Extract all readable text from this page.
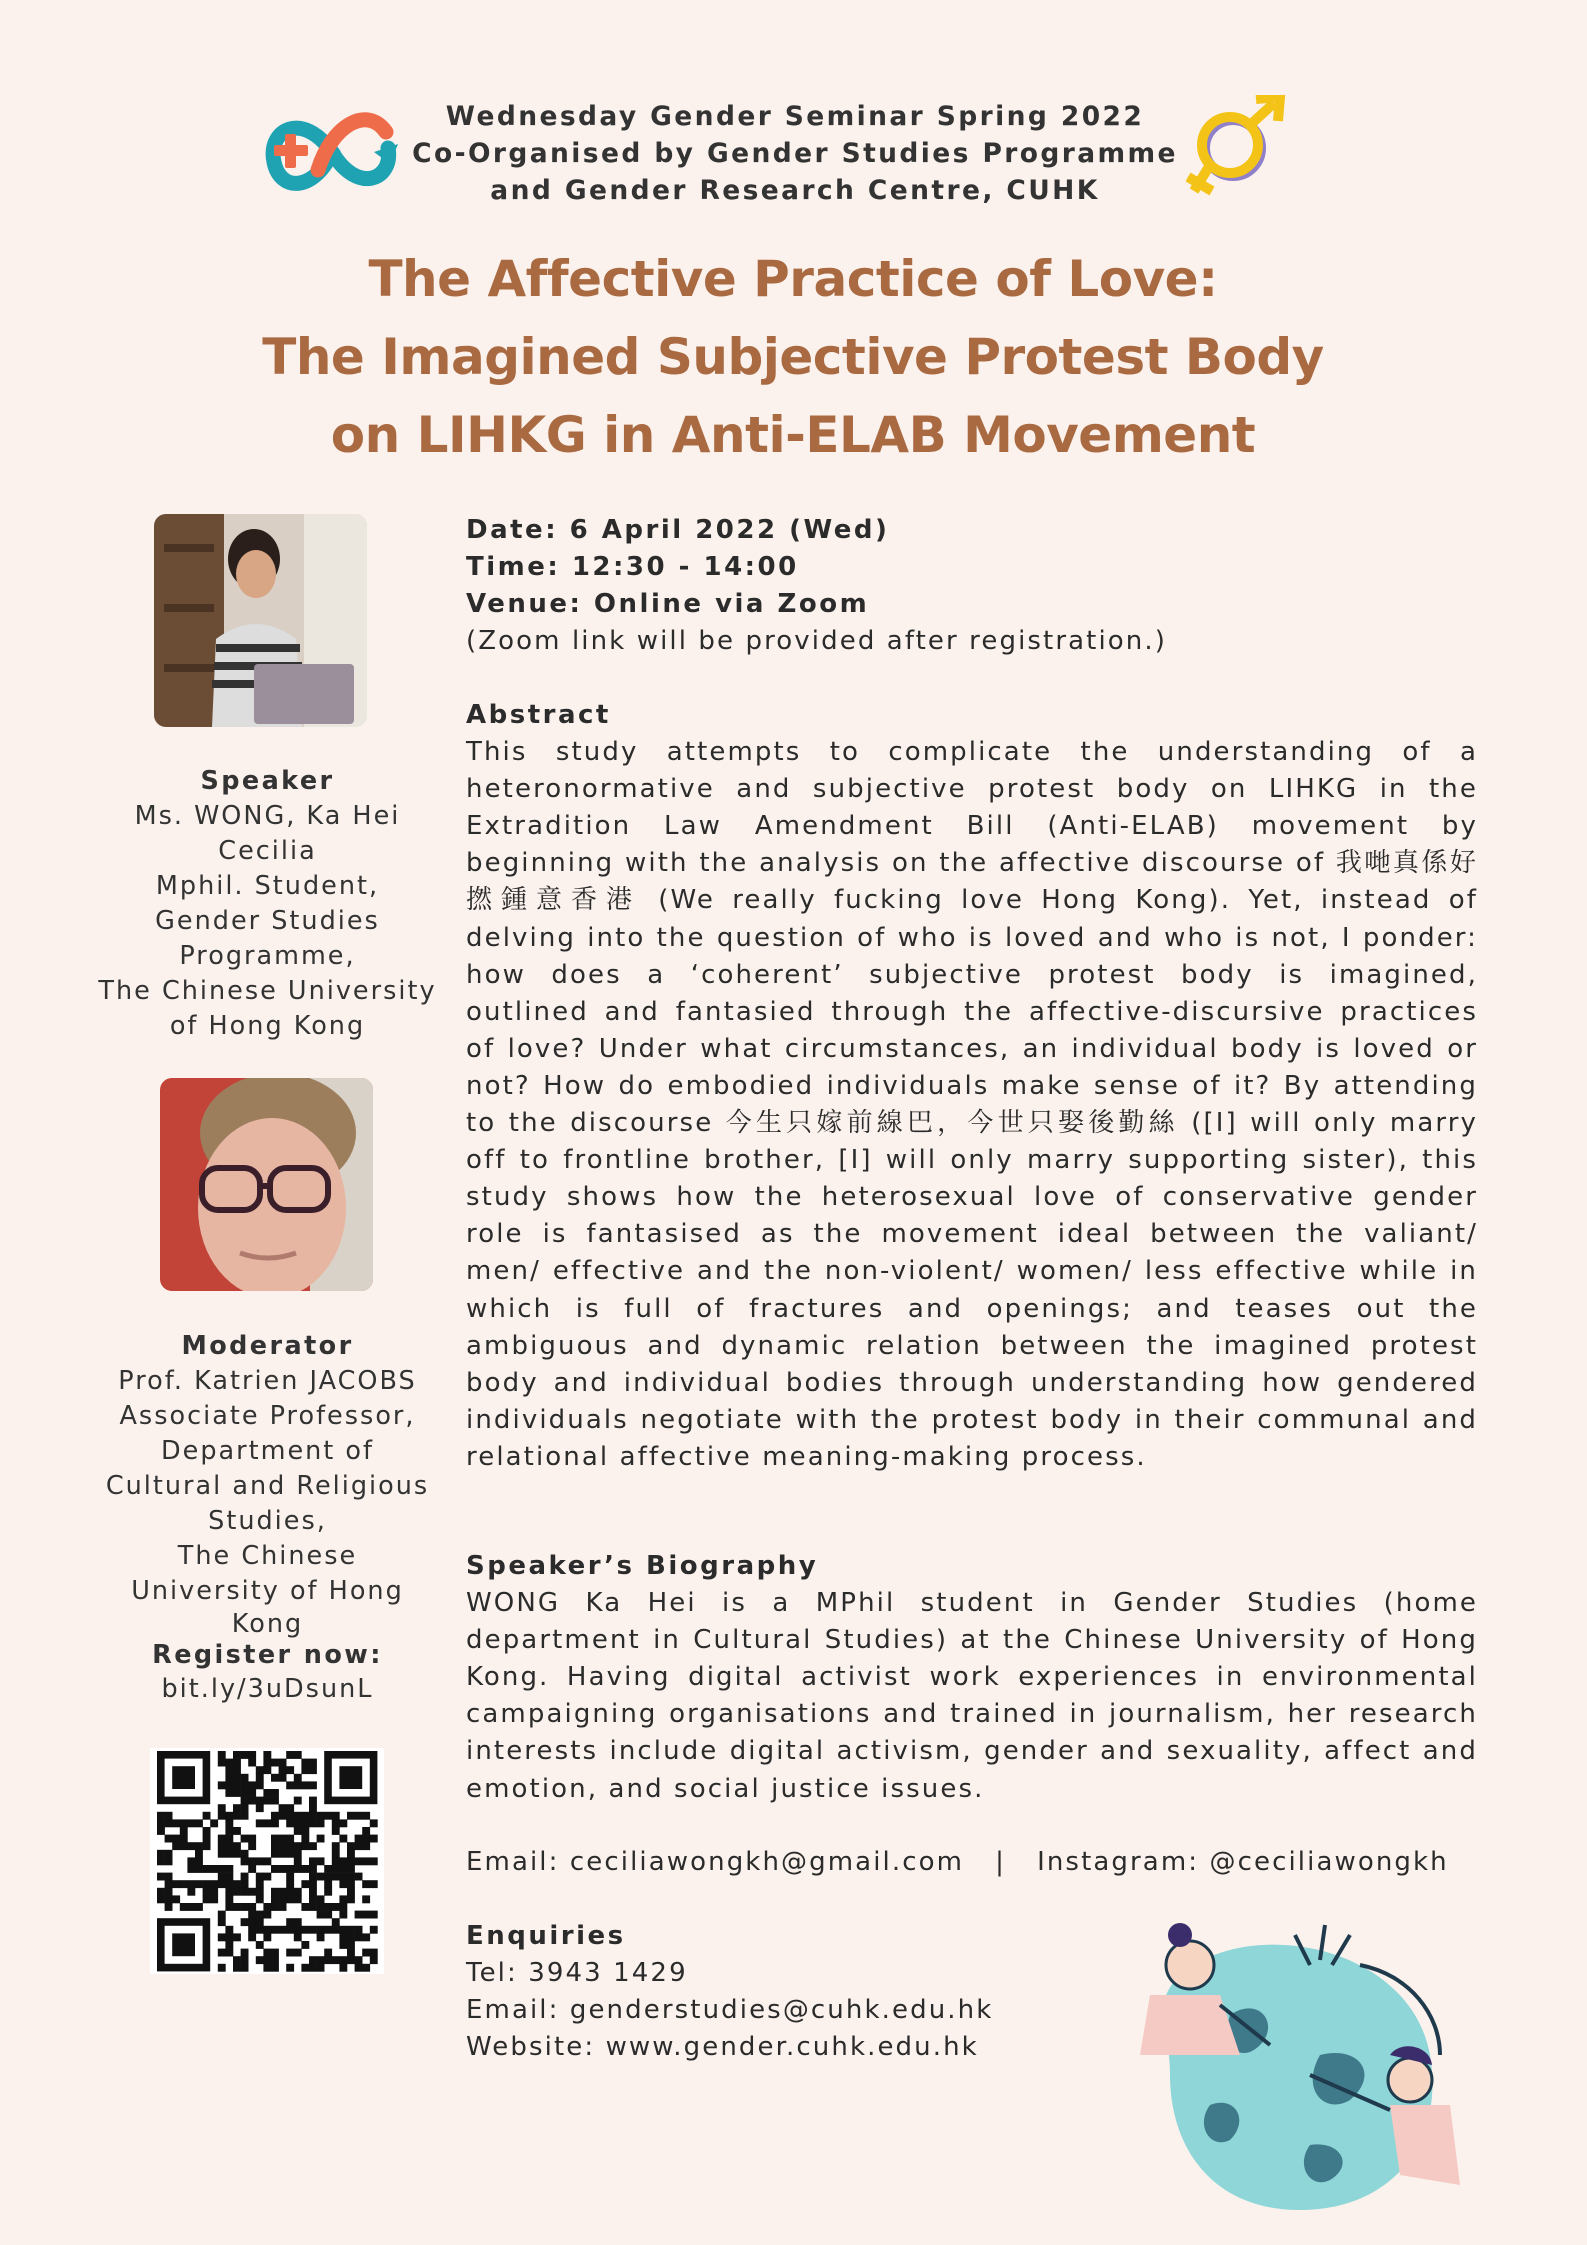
Wednesday Gender Seminar Spring 2022
Co-Organised by Gender Studies Programme
and Gender Research Centre, CUHK
The Affective Practice of Love:
The Imagined Subjective Protest Body
on LIHKG in Anti-ELAB Movement
Speaker
Ms. WONG, Ka Hei
Cecilia
Mphil. Student,
Gender Studies
Programme,
The Chinese University
of Hong Kong
Moderator
Prof. Katrien JACOBS
Associate Professor,
Department of
Cultural and Religious
Studies,
The Chinese
University of Hong
Kong
Register now:
bit.ly/3uDsunL
Date: 6 April 2022 (Wed)
Time: 12:30 - 14:00
Venue: Online via Zoom
(Zoom link will be provided after registration.)
Abstract
This study attempts to complicate the understanding of a heteronormative and subjective protest body on LIHKG in the Extradition Law Amendment Bill (Anti-ELAB) movement by beginning with the analysis on the affective discourse of 我哋真係好撚鍾意香港 (We really fucking love Hong Kong). Yet, instead of delving into the question of who is loved and who is not, I ponder: how does a ‘coherent’ subjective protest body is imagined, outlined and fantasied through the affective-discursive practices of love? Under what circumstances, an individual body is loved or not? How do embodied individuals make sense of it? By attending to the discourse 今生只嫁前線巴，今世只娶後勤絲 ([I] will only marry off to frontline brother, [I] will only marry supporting sister), this study shows how the heterosexual love of conservative gender role is fantasised as the movement ideal between the valiant/ men/ effective and the non-violent/ women/ less effective while in which is full of fractures and openings; and teases out the ambiguous and dynamic relation between the imagined protest body and individual bodies through understanding how gendered individuals negotiate with the protest body in their communal and relational affective meaning-making process.
Speaker’s Biography
WONG Ka Hei is a MPhil student in Gender Studies (home department in Cultural Studies) at the Chinese University of Hong Kong. Having digital activist work experiences in environmental campaigning organisations and trained in journalism, her research interests include digital activism, gender and sexuality, affect and emotion, and social justice issues.
Email: ceciliawongkh@gmail.com   |   Instagram: @ceciliawongkh
Enquiries
Tel: 3943 1429
Email: genderstudies@cuhk.edu.hk
Website: www.gender.cuhk.edu.hk
